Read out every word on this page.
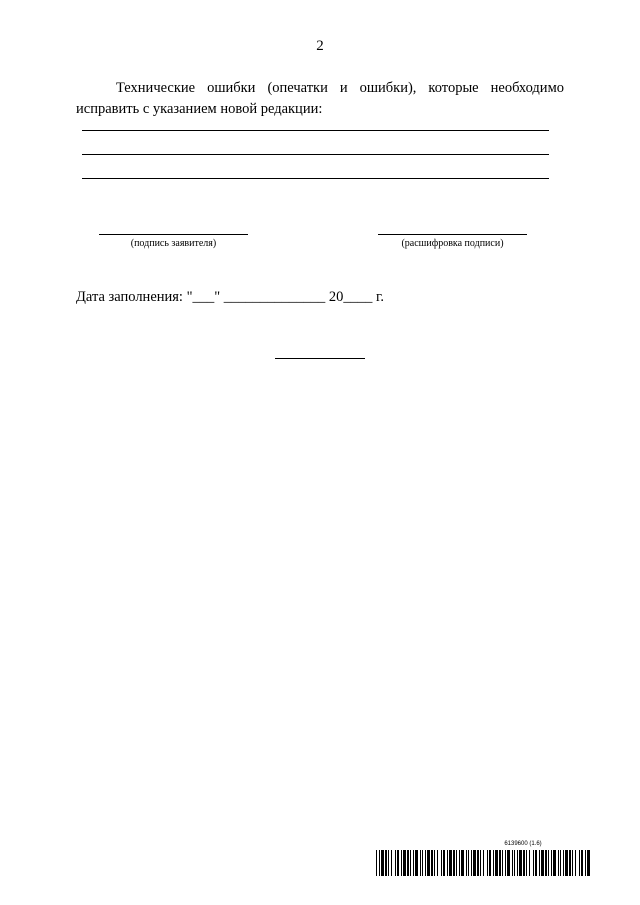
2
Технические ошибки (опечатки и ошибки), которые необходимо
исправить с указанием новой редакции:
(подпись заявителя)	(расшифровка подписи)
Дата заполнения: "___" ______________ 20____ г.
6139600 (1.6)
